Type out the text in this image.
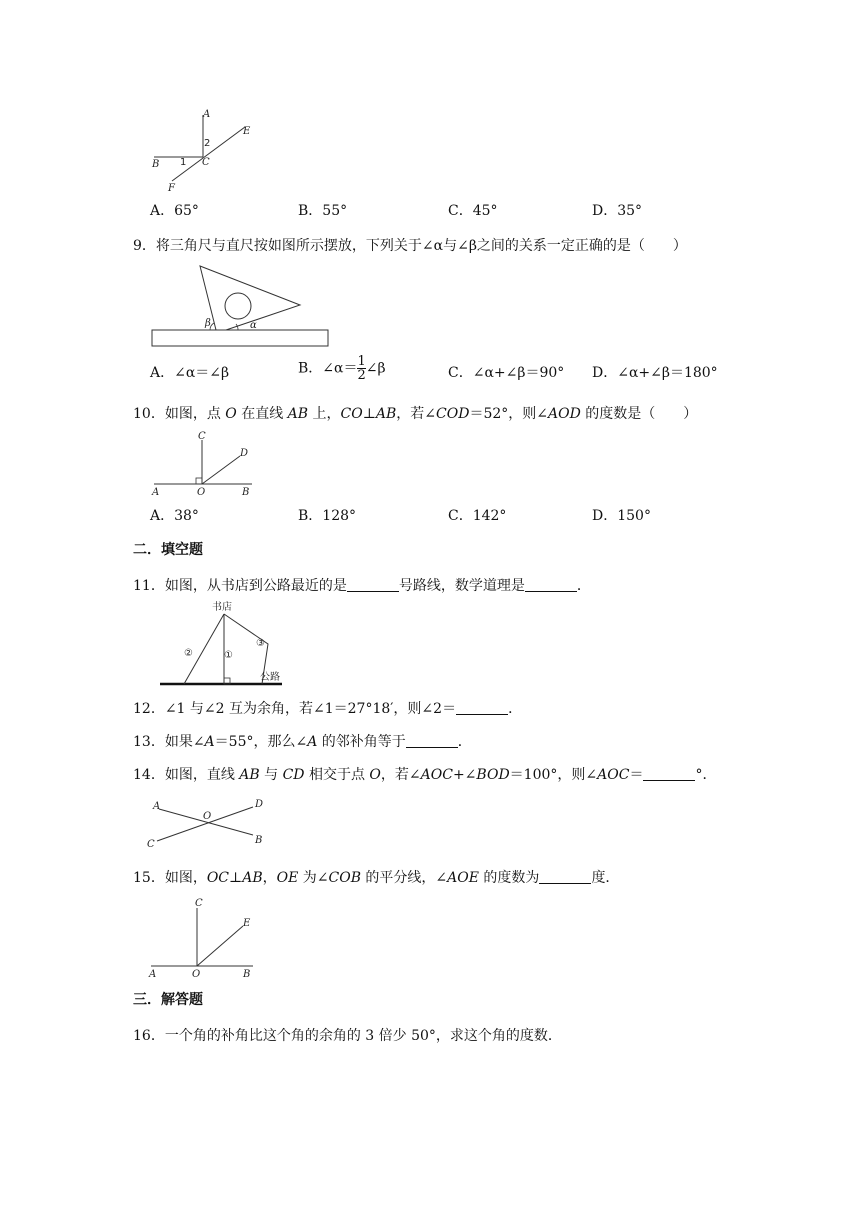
A
E
2
1
B	C
F
A．65°	B．55°	C．45°	D．35°
9．将三角尺与直尺按如图所示摆放，下列关于∠α与∠β之间的关系一定正确的是（　　）
β	α
A．∠α＝∠β	B．∠α＝ $\frac{1}{2}$ ∠β	C．∠α+∠β＝90° D．∠α+∠β＝180°
10．如图，点 O 在直线 AB 上，CO⊥AB，若∠COD＝52°，则∠AOD 的度数是（　　）
C
D
A	O	B
A．38°	B．128°	C．142°	D．150°
二．填空题
11．如图，从书店到公路最近的是	号路线，数学道理是	．
书店
②	①
③
公路
12．∠1 与∠2 互为余角，若∠1＝27°18′，则∠2＝	．
13．如果∠A＝55°，那么∠A 的邻补角等于	．
14．如图，直线 AB 与 CD 相交于点 O，若∠AOC+∠BOD＝100°，则∠AOC＝	°．
A	D
O
C	B
15．如图，OC⊥AB，OE 为∠COB 的平分线，∠AOE 的度数为	度．
C
E
A	O	B
三．解答题
16．一个角的补角比这个角的余角的 3 倍少 50°，求这个角的度数．
